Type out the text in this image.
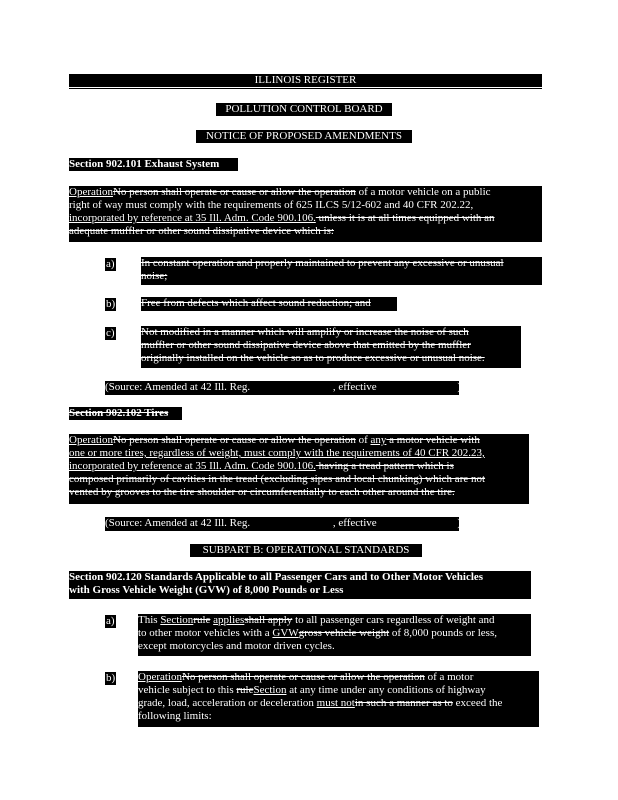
ILLINOIS REGISTER
POLLUTION CONTROL BOARD
NOTICE OF PROPOSED AMENDMENTS
Section 902.101 Exhaust System
OperationNo person shall operate or cause or allow the operation of a motor vehicle on a public
right of way must comply with the requirements of 625 ILCS 5/12-602 and 40 CFR 202.22,
incorporated by reference at 35 Ill. Adm. Code 900.106. unless it is at all times equipped with an
adequate muffler or other sound dissipative device which is:
a) In constant operation and properly maintained to prevent any excessive or unusual
noise;
b) Free from defects which affect sound reduction; and
c) Not modified in a manner which will amplify or increase the noise of such
muffler or other sound dissipative device above that emitted by the muffler
originally installed on the vehicle so as to produce excessive or unusual noise.
(Source: Amended at 42 Ill. Reg.	, effective	)
Section 902.102 Tires
OperationNo person shall operate or cause or allow the operation of any a motor vehicle with
one or more tires, regardless of weight, must comply with the requirements of 40 CFR 202.23,
incorporated by reference at 35 Ill. Adm. Code 900.106. having a tread pattern which is
composed primarily of cavities in the tread (excluding sipes and local chunking) which are not
vented by grooves to the tire shoulder or circumferentially to each other around the tire.
(Source: Amended at 42 Ill. Reg.	, effective	)
SUBPART B: OPERATIONAL STANDARDS
Section 902.120 Standards Applicable to all Passenger Cars and to Other Motor Vehicles
with Gross Vehicle Weight (GVW) of 8,000 Pounds or Less
a) This Sectionrule appliesshall apply to all passenger cars regardless of weight and
to other motor vehicles with a GVWgross vehicle weight of 8,000 pounds or less,
except motorcycles and motor driven cycles.
b) OperationNo person shall operate or cause or allow the operation of a motor
vehicle subject to this ruleSection at any time under any conditions of highway
grade, load, acceleration or deceleration must notin such a manner as to exceed the
following limits:
